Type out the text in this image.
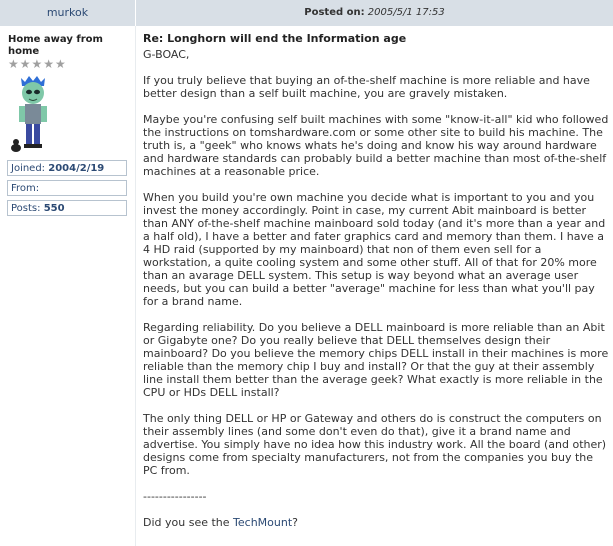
murkok	Posted on: 2005/5/1 17:53
Home away from home
★★★★★
Joined: 2004/2/19
From:
Posts: 550

Re: Longhorn will end the Information age

G-BOAC,

If you truly believe that buying an of-the-shelf machine is more reliable and have better design than a self built machine, you are gravely mistaken.

Maybe you're confusing self built machines with some "know-it-all" kid who followed the instructions on tomshardware.com or some other site to build his machine. The truth is, a "geek" who knows whats he's doing and know his way around hardware and hardware standards can probably build a better machine than most of-the-shelf machines at a reasonable price.

When you build you're own machine you decide what is important to you and you invest the money accordingly. Point in case, my current Abit mainboard is better than ANY of-the-shelf machine mainboard sold today (and it's more than a year and a half old), I have a better and fater graphics card and memory than them. I have a 4 HD raid (supported by my mainboard) that non of them even sell for a workstation, a quite cooling system and some other stuff. All of that for 20% more than an avarage DELL system. This setup is way beyond what an average user needs, but you can build a better "average" machine for less than what you'll pay for a brand name.

Regarding reliability. Do you believe a DELL mainboard is more reliable than an Abit or Gigabyte one? Do you really believe that DELL themselves design their mainboard? Do you believe the memory chips DELL install in their machines is more reliable than the memory chip I buy and install? Or that the guy at their assembly line install them better than the average geek? What exactly is more reliable in the CPU or HDs DELL install?

The only thing DELL or HP or Gateway and others do is construct the computers on their assembly lines (and some don't even do that), give it a brand name and advertise. You simply have no idea how this industry work. All the board (and other) designs come from specialty manufacturers, not from the companies you buy the PC from.

----------------

Did you see the TechMount?
